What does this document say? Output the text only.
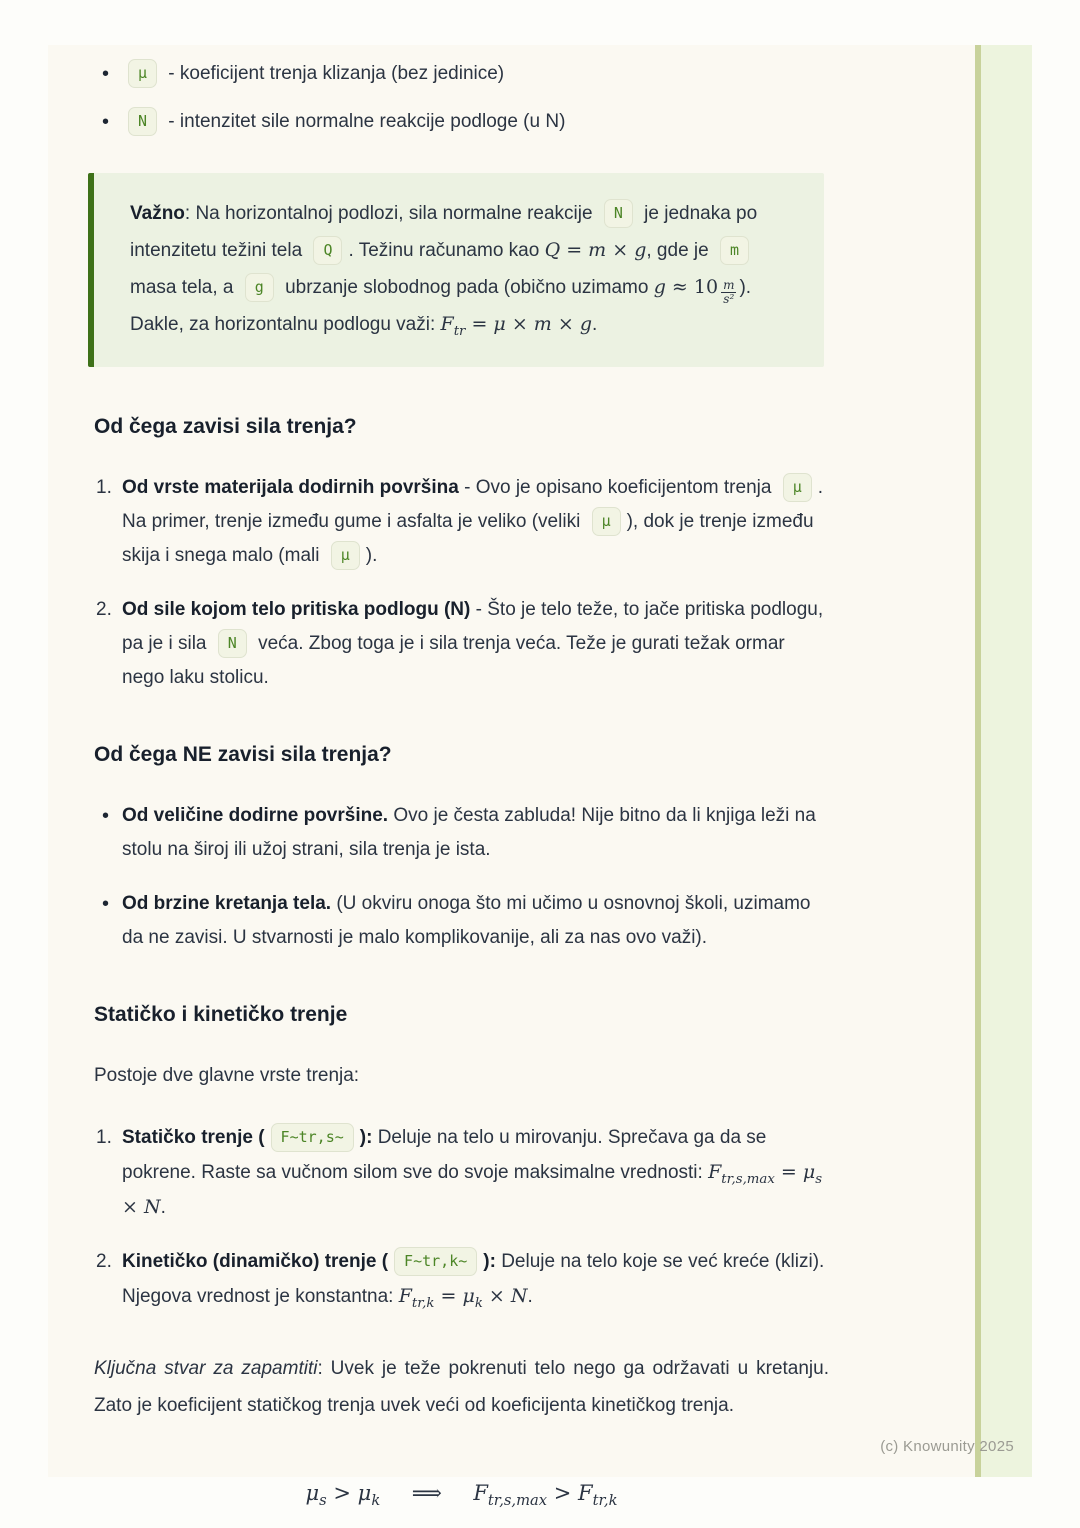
• μ - koeficijent trenja klizanja (bez jedinice)
• N - intenzitet sile normalne reakcije podloge (u N)

Važno: Na horizontalnoj podlozi, sila normalne reakcije N je jednaka po intenzitetu težini tela Q . Težinu računamo kao Q = m × g, gde je m masa tela, a g ubrzanje slobodnog pada (obično uzimamo $g \approx 10 \frac{m}{\text{s²}}$ ). Dakle, za horizontalnu podlogu važi: $F_{tr} = \mu \times m \times g$.

Od čega zavisi sila trenja?
Od vrste materijala dodirnih površina - Ovo je opisano koeficijentom trenja μ . Na primer, trenje između gume i asfalta je veliko (veliki μ ), dok je trenje između skija i snega malo (mali μ ).
Od sile kojom telo pritiska podlogu (N) - Što je telo teže, to jače pritiska podlogu, pa je i sila N veća. Zbog toga je i sila trenja veća. Teže je gurati težak ormar nego laku stolicu.
Od čega NE zavisi sila trenja?
• Od veličine dodirne površine. Ovo je česta zabluda! Nije bitno da li knjiga leži na stolu na široj ili užoj strani, sila trenja je ista.
• Od brzine kretanja tela. (U okviru onoga što mi učimo u osnovnoj školi, uzimamo da ne zavisi. U stvarnosti je malo komplikovanije, ali za nas ovo važi).
Statičko i kinetičko trenje

Postoje dve glavne vrste trenja:

Statičko trenje ( F~tr,s~ ): Deluje na telo u mirovanju. Sprečava ga da se pokrene. Raste sa vučnom silom sve do svoje maksimalne vrednosti: $F_{tr,s,max} = \mu_s \times N$.
Kinetičko (dinamičko) trenje ( F~tr,k~ ): Deluje na telo koje se već kreće (klizi). Njegova vrednost je konstantna: $F_{tr,k} = \mu_k \times N$.

Ključna stvar za zapamtiti: Uvek je teže pokrenuti telo nego ga održavati u kretanju. Zato je koeficijent statičkog trenja uvek veći od koeficijenta kinetičkog trenja.

$\mu_s > \mu_k$   ⟹   $F_{tr,s,max} > F_{tr,k}$
(c) Knowunity 2025
